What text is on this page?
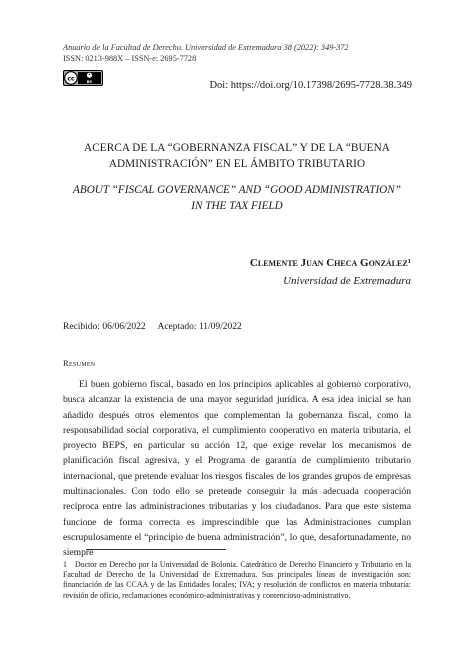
Anuario de la Facultad de Derecho. Universidad de Extremadura 38 (2022): 349-372
ISSN: 0213-988X – ISSN-e: 2695-7728
cc	BY	Doi: https://doi.org/10.17398/2695-7728.38.349
ACERCA DE LA “GOBERNANZA FISCAL” Y DE LA “BUENA
ADMINISTRACIÓN” EN EL ÁMBITO TRIBUTARIO
ABOUT “FISCAL GOVERNANCE” AND “GOOD ADMINISTRATION”
IN THE TAX FIELD
Clemente Juan Checa González¹
Universidad de Extremadura
Recibido: 06/06/2022 Aceptado: 11/09/2022
Resumen

El buen gobierno fiscal, basado en los principios aplicables al gobierno corporativo, busca alcanzar la existencia de una mayor seguridad jurídica. A esa idea inicial se han añadido después otros elementos que complementan la gobernanza fiscal, como la responsabilidad social corporativa, el cumplimiento cooperativo en materia tributaria, el proyecto BEPS, en particular su acción 12, que exige revelar los mecanismos de planificación fiscal agresiva, y el Programa de garantía de cumplimiento tributario internacional, que pretende evaluar los riesgos fiscales de los grandes grupos de empresas multinacionales. Con todo ello se pretende conseguir la más adecuada cooperación recíproca entre las administraciones tributarias y los ciudadanos. Para que este sistema funcione de forma correcta es imprescindible que las Administraciones cumplan escrupulosamente el “principio de buena administración”, lo que, desafortunadamente, no siempre

1 Doctor en Derecho por la Universidad de Bolonia. Catedrático de Derecho Financiero y Tributario en la Facultad de Derecho de la Universidad de Extremadura. Sus principales líneas de investigación son: financiación de las CCAA y de las Entidades locales; IVA; y resolución de conflictos en materia tributaria: revisión de oficio, reclamaciones económico-administrativas y contencioso-administrativo.
